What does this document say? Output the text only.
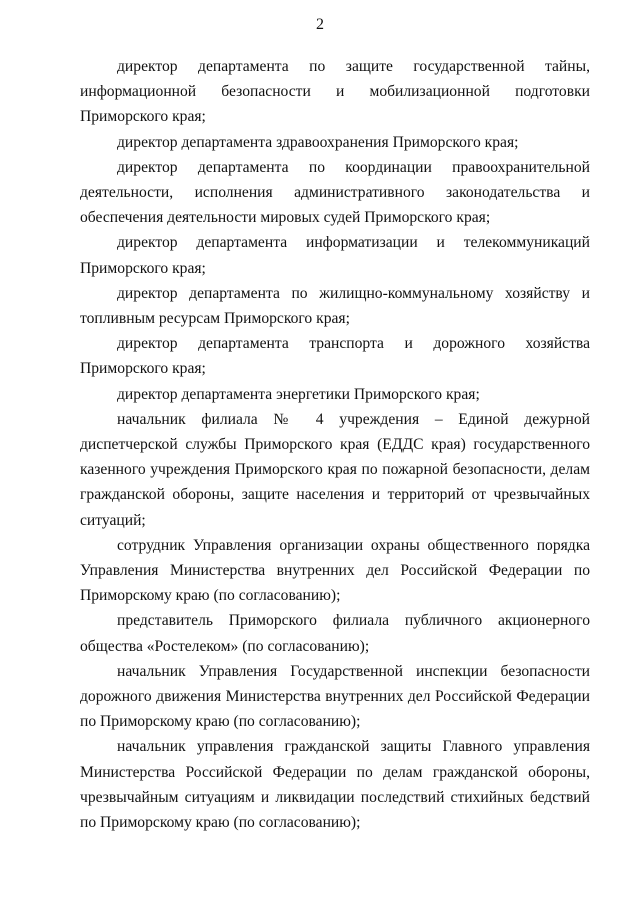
2

директор департамента по защите государственной тайны, информационной безопасности и мобилизационной подготовки Приморского края;

директор департамента здравоохранения Приморского края;

директор департамента по координации правоохранительной деятельности, исполнения административного законодательства и обеспечения деятельности мировых судей Приморского края;

директор департамента информатизации и телекоммуникаций Приморского края;

директор департамента по жилищно-коммунальному хозяйству и топливным ресурсам Приморского края;

директор департамента транспорта и дорожного хозяйства Приморского края;

директор департамента энергетики Приморского края;

начальник филиала № 4 учреждения – Единой дежурной диспетчерской службы Приморского края (ЕДДС края) государственного казенного учреждения Приморского края по пожарной безопасности, делам гражданской обороны, защите населения и территорий от чрезвычайных ситуаций;

сотрудник Управления организации охраны общественного порядка Управления Министерства внутренних дел Российской Федерации по Приморскому краю (по согласованию);

представитель Приморского филиала публичного акционерного общества «Ростелеком» (по согласованию);

начальник Управления Государственной инспекции безопасности дорожного движения Министерства внутренних дел Российской Федерации по Приморскому краю (по согласованию);

начальник управления гражданской защиты Главного управления Министерства Российской Федерации по делам гражданской обороны, чрезвычайным ситуациям и ликвидации последствий стихийных бедствий по Приморскому краю (по согласованию);
